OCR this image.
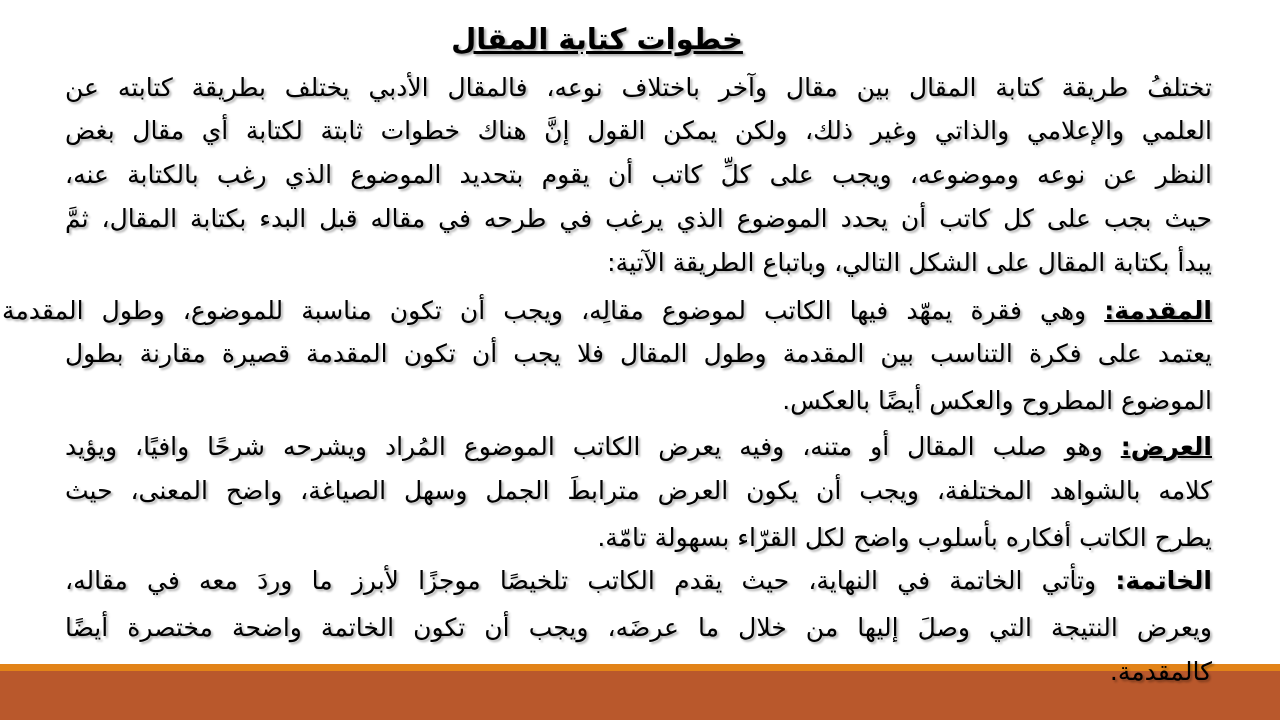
خطوات كتابة المقال
تختلفُ طريقة كتابة المقال بين مقال وآخر باختلاف نوعه، فالمقال الأدبي يختلف بطريقة كتابته عن
العلمي والإعلامي والذاتي وغير ذلك، ولكن يمكن القول إنَّ هناك خطوات ثابتة لكتابة أي مقال بغض
النظر عن نوعه وموضوعه، ويجب على كلِّ كاتب أن يقوم بتحديد الموضوع الذي رغب بالكتابة عنه،
حيث بجب على كل كاتب أن يحدد الموضوع الذي يرغب في طرحه في مقاله قبل البدء بكتابة المقال، ثمَّ
يبدأ بكتابة المقال على الشكل التالي، وباتباع الطريقة الآتية:
المقدمة: وهي فقرة يمهّد فيها الكاتب لموضوع مقالِه، ويجب أن تكون مناسبة للموضوع، وطول المقدمة
يعتمد على فكرة التناسب بين المقدمة وطول المقال فلا يجب أن تكون المقدمة قصيرة مقارنة بطول
الموضوع المطروح والعكس أيضًا بالعكس.
العرض: وهو صلب المقال أو متنه، وفيه يعرض الكاتب الموضوع المُراد ويشرحه شرحًا وافيًا، ويؤيد
كلامه بالشواهد المختلفة، ويجب أن يكون العرض مترابطَ الجمل وسهل الصياغة، واضح المعنى، حيث
يطرح الكاتب أفكاره بأسلوب واضح لكل القرّاء بسهولة تامّة.
الخاتمة: وتأتي الخاتمة في النهاية، حيث يقدم الكاتب تلخيصًا موجزًا لأبرز ما وردَ معه في مقاله،
ويعرض النتيجة التي وصلَ إليها من خلال ما عرضَه، ويجب أن تكون الخاتمة واضحة مختصرة أيضًا
كالمقدمة.
